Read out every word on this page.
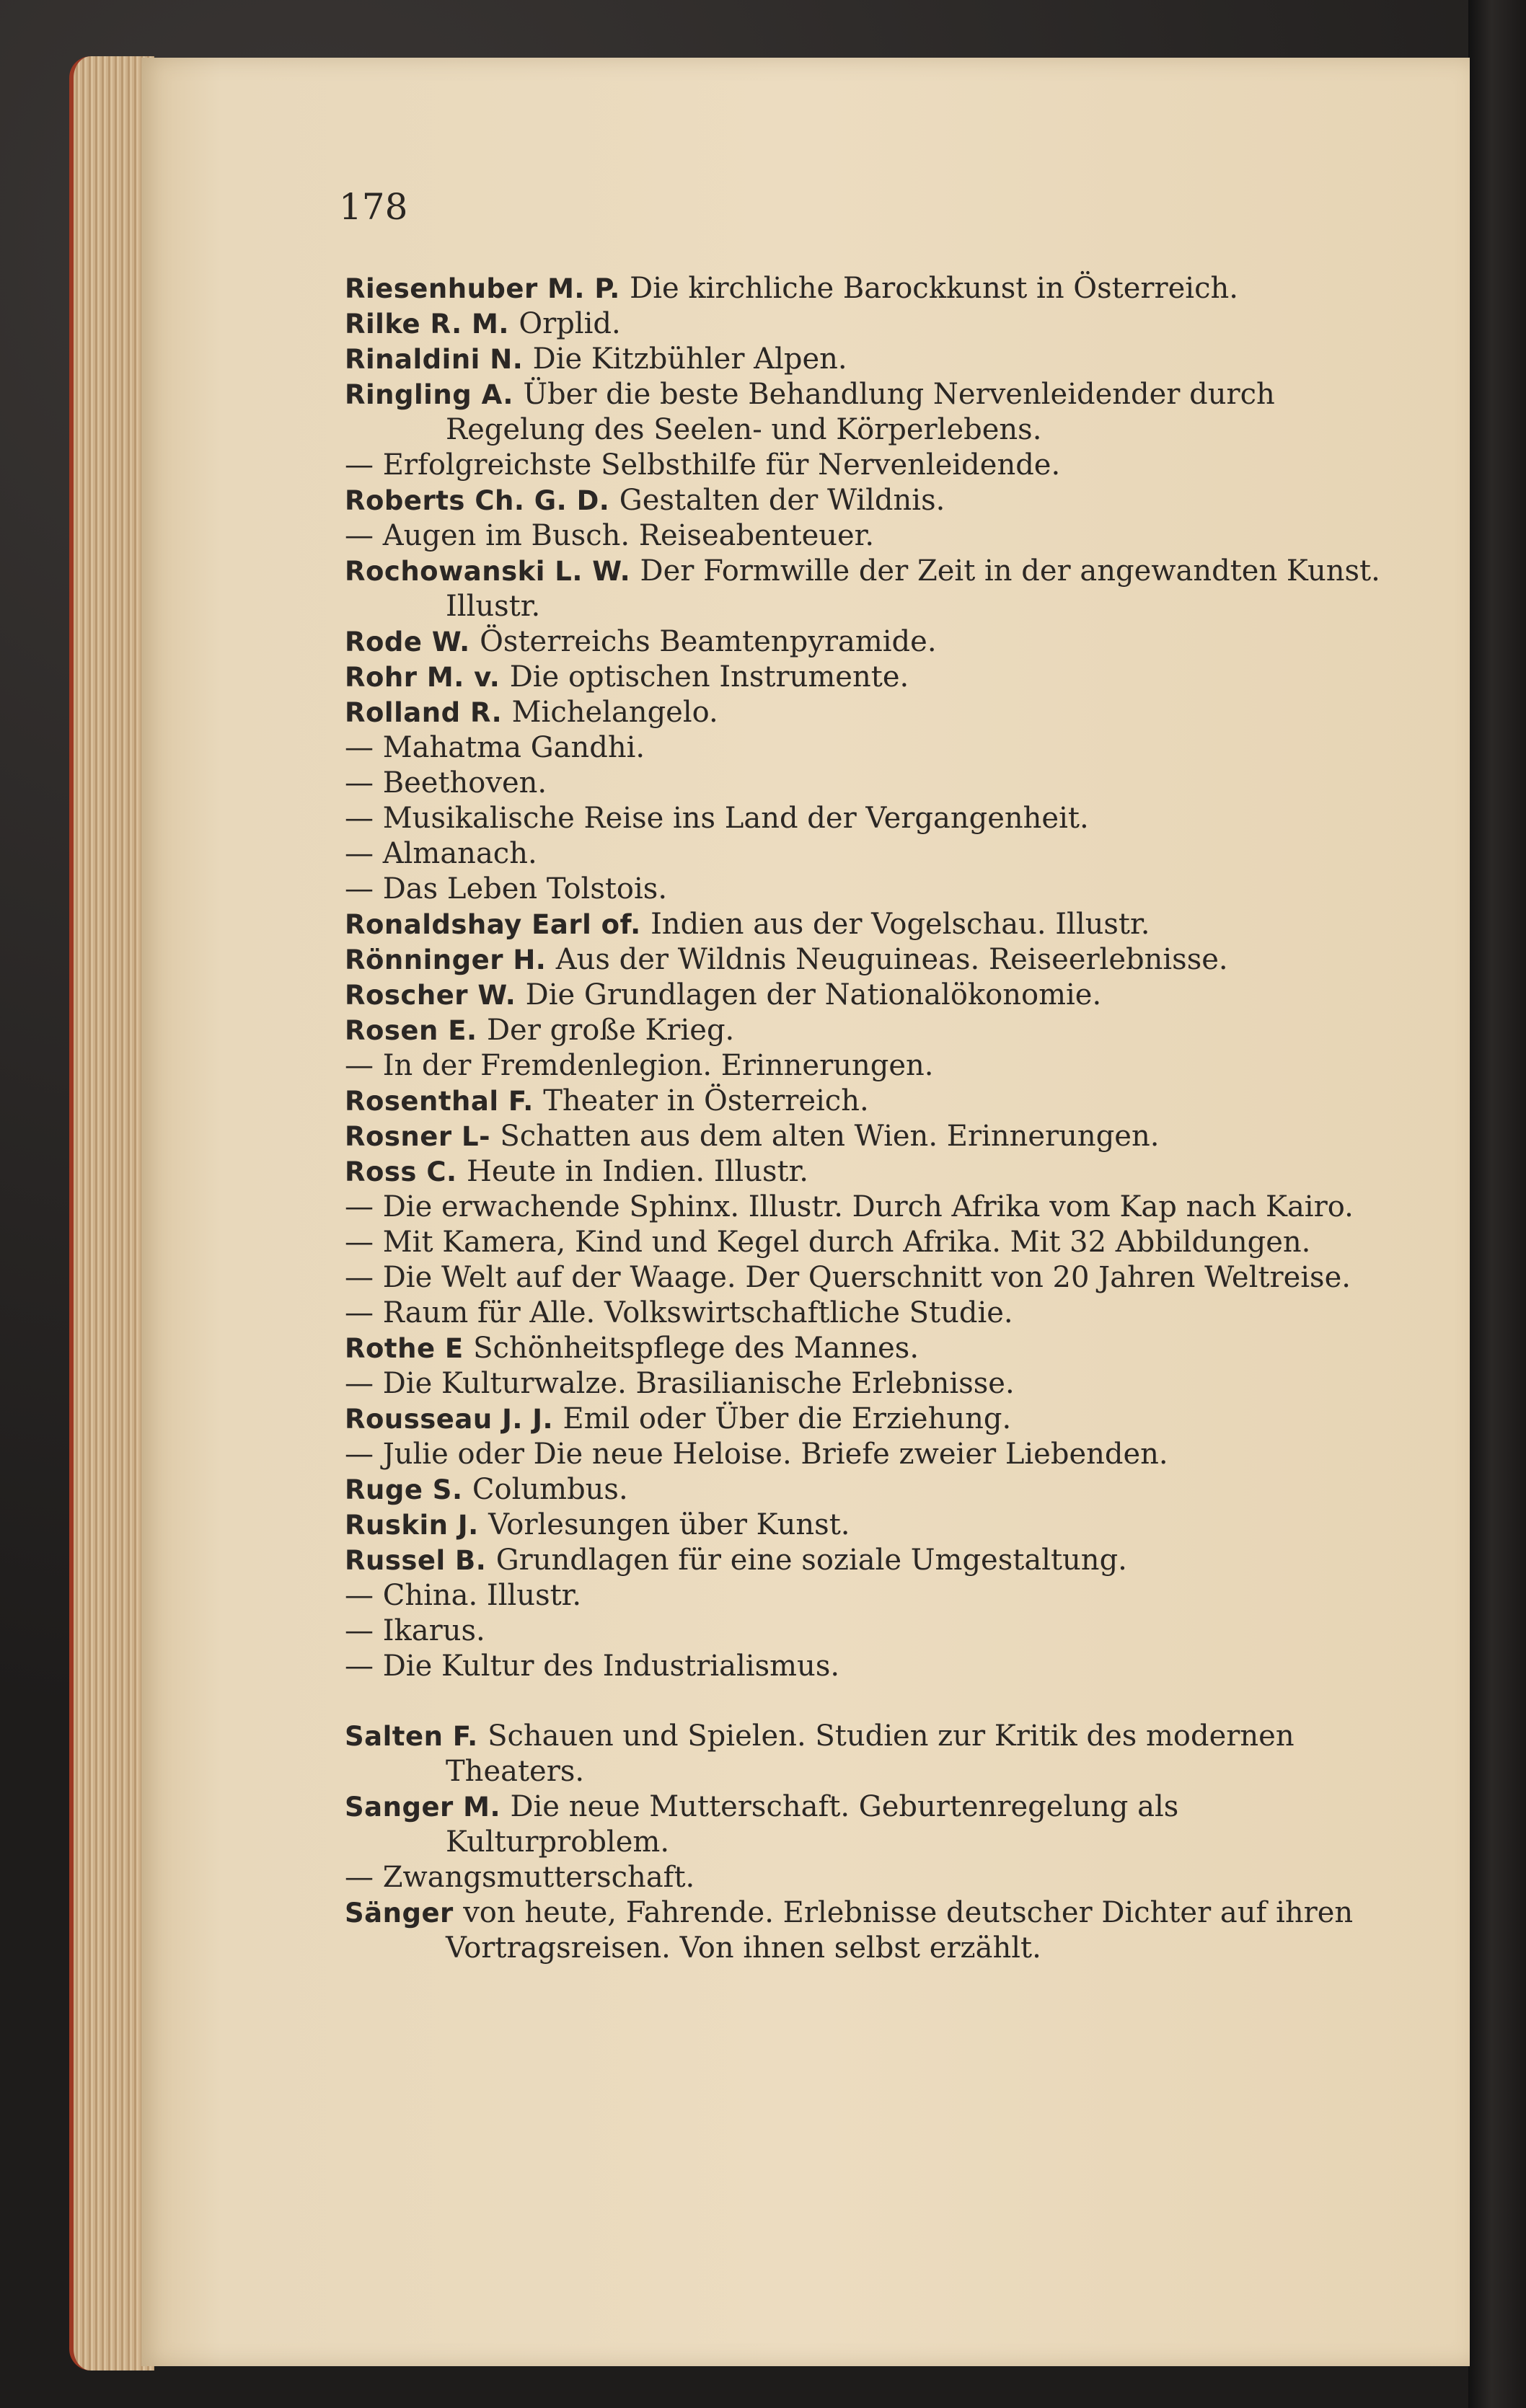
178

Riesenhuber M. P. Die kirchliche Barockkunst in Österreich.

Rilke R. M. Orplid.

Rinaldini N. Die Kitzbühler Alpen.

Ringling A. Über die beste Behandlung Nervenleidender durch Regelung des Seelen- und Körperlebens.

— Erfolgreichste Selbsthilfe für Nervenleidende.

Roberts Ch. G. D. Gestalten der Wildnis.

— Augen im Busch. Reiseabenteuer.

Rochowanski L. W. Der Formwille der Zeit in der angewandten Kunst. Illustr.

Rode W. Österreichs Beamtenpyramide.

Rohr M. v. Die optischen Instrumente.

Rolland R. Michelangelo.

— Mahatma Gandhi.

— Beethoven.

— Musikalische Reise ins Land der Vergangenheit.

— Almanach.

— Das Leben Tolstois.

Ronaldshay Earl of. Indien aus der Vogelschau. Illustr.

Rönninger H. Aus der Wildnis Neuguineas. Reiseerlebnisse.

Roscher W. Die Grundlagen der Nationalökonomie.

Rosen E. Der große Krieg.

— In der Fremdenlegion. Erinnerungen.

Rosenthal F. Theater in Österreich.

Rosner L- Schatten aus dem alten Wien. Erinnerungen.

Ross C. Heute in Indien. Illustr.

— Die erwachende Sphinx. Illustr. Durch Afrika vom Kap nach Kairo.

— Mit Kamera, Kind und Kegel durch Afrika. Mit 32 Abbildungen.

— Die Welt auf der Waage. Der Querschnitt von 20 Jahren Weltreise.

— Raum für Alle. Volkswirtschaftliche Studie.

Rothe E Schönheitspflege des Mannes.

— Die Kulturwalze. Brasilianische Erlebnisse.

Rousseau J. J. Emil oder Über die Erziehung.

— Julie oder Die neue Heloise. Briefe zweier Liebenden.

Ruge S. Columbus.

Ruskin J. Vorlesungen über Kunst.

Russel B. Grundlagen für eine soziale Umgestaltung.

— China. Illustr.

— Ikarus.

— Die Kultur des Industrialismus.

Salten F. Schauen und Spielen. Studien zur Kritik des modernen Theaters.

Sanger M. Die neue Mutterschaft. Geburtenregelung als Kulturproblem.

— Zwangsmutterschaft.

Sänger von heute, Fahrende. Erlebnisse deutscher Dichter auf ihren Vortragsreisen. Von ihnen selbst erzählt.
